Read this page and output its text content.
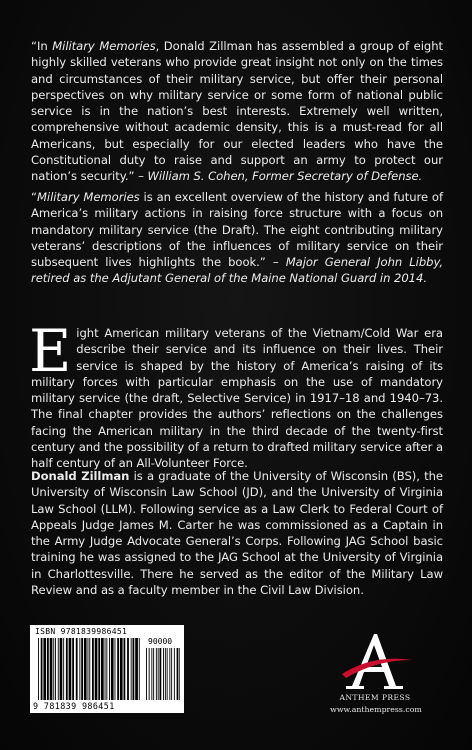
“In Military Memories, Donald Zillman has assembled a group of eight highly skilled veterans who provide great insight not only on the times and circumstances of their military service, but offer their personal perspectives on why military service or some form of national public service is in the nation’s best interests. Extremely well written, comprehensive without academic density, this is a must-read for all Americans, but especially for our elected leaders who have the Constitutional duty to raise and support an army to protect our nation’s security.” – William S. Cohen, Former Secretary of Defense.

“Military Memories is an excellent overview of the history and future of America’s military actions in raising force structure with a focus on mandatory military service (the Draft). The eight contributing military veterans’ descriptions of the influences of military service on their subsequent lives highlights the book.” – Major General John Libby, retired as the Adjutant General of the Maine National Guard in 2014.

Eight American military veterans of the Vietnam/Cold War era describe their service and its influence on their lives. Their service is shaped by the history of America’s raising of its military forces with particular emphasis on the use of mandatory military service (the draft, Selective Service) in 1917–18 and 1940–73. The final chapter provides the authors’ reflections on the challenges facing the American military in the third decade of the twenty-first century and the possibility of a return to drafted military service after a half century of an All-Volunteer Force.

Donald Zillman is a graduate of the University of Wisconsin (BS), the University of Wisconsin Law School (JD), and the University of Virginia Law School (LLM). Following service as a Law Clerk to Federal Court of Appeals Judge James M. Carter he was commissioned as a Captain in the Army Judge Advocate General’s Corps. Following JAG School basic training he was assigned to the JAG School at the University of Virginia in Charlottesville. There he served as the editor of the Military Law Review and as a faculty member in the Civil Law Division.

ISBN 9781839986451
90000
9 781839 986451
ANTHEM PRESS
www.anthempress.com
